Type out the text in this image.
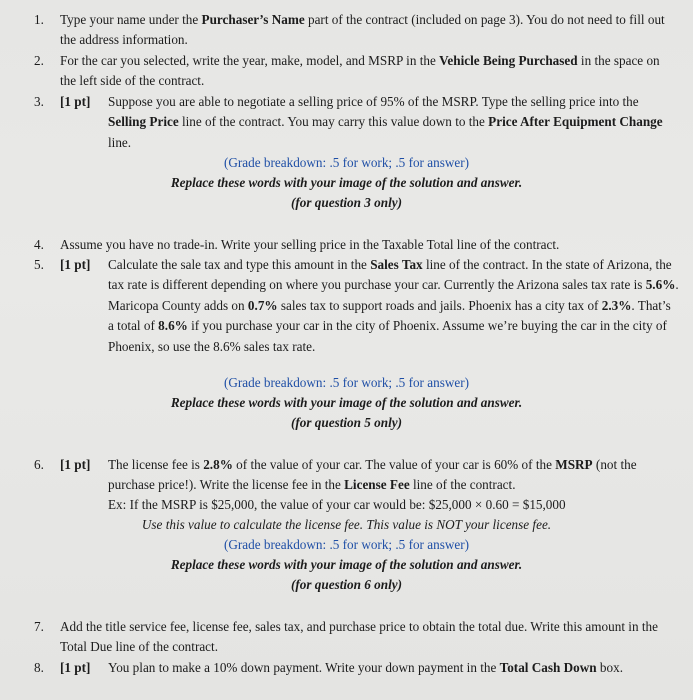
1. Type your name under the Purchaser’s Name part of the contract (included on page 3). You do not need to fill out the address information.
2. For the car you selected, write the year, make, model, and MSRP in the Vehicle Being Purchased in the space on the left side of the contract.
3. [1 pt] Suppose you are able to negotiate a selling price of 95% of the MSRP. Type the selling price into the Selling Price line of the contract. You may carry this value down to the Price After Equipment Change line.
(Grade breakdown: .5 for work; .5 for answer)
Replace these words with your image of the solution and answer.
(for question 3 only)
4. Assume you have no trade-in. Write your selling price in the Taxable Total line of the contract.
5. [1 pt] Calculate the sale tax and type this amount in the Sales Tax line of the contract. In the state of Arizona, the tax rate is different depending on where you purchase your car. Currently the Arizona sales tax rate is 5.6%. Maricopa County adds on 0.7% sales tax to support roads and jails. Phoenix has a city tax of 2.3%. That’s a total of 8.6% if you purchase your car in the city of Phoenix. Assume we’re buying the car in the city of Phoenix, so use the 8.6% sales tax rate.
(Grade breakdown: .5 for work; .5 for answer)
Replace these words with your image of the solution and answer.
(for question 5 only)
6. [1 pt] The license fee is 2.8% of the value of your car. The value of your car is 60% of the MSRP (not the purchase price!). Write the license fee in the License Fee line of the contract.
Ex: If the MSRP is $25,000, the value of your car would be: $25,000 × 0.60 = $15,000
Use this value to calculate the license fee. This value is NOT your license fee.
(Grade breakdown: .5 for work; .5 for answer)
Replace these words with your image of the solution and answer.
(for question 6 only)
7. Add the title service fee, license fee, sales tax, and purchase price to obtain the total due. Write this amount in the Total Due line of the contract.
8. [1 pt] You plan to make a 10% down payment. Write your down payment in the Total Cash Down box.
